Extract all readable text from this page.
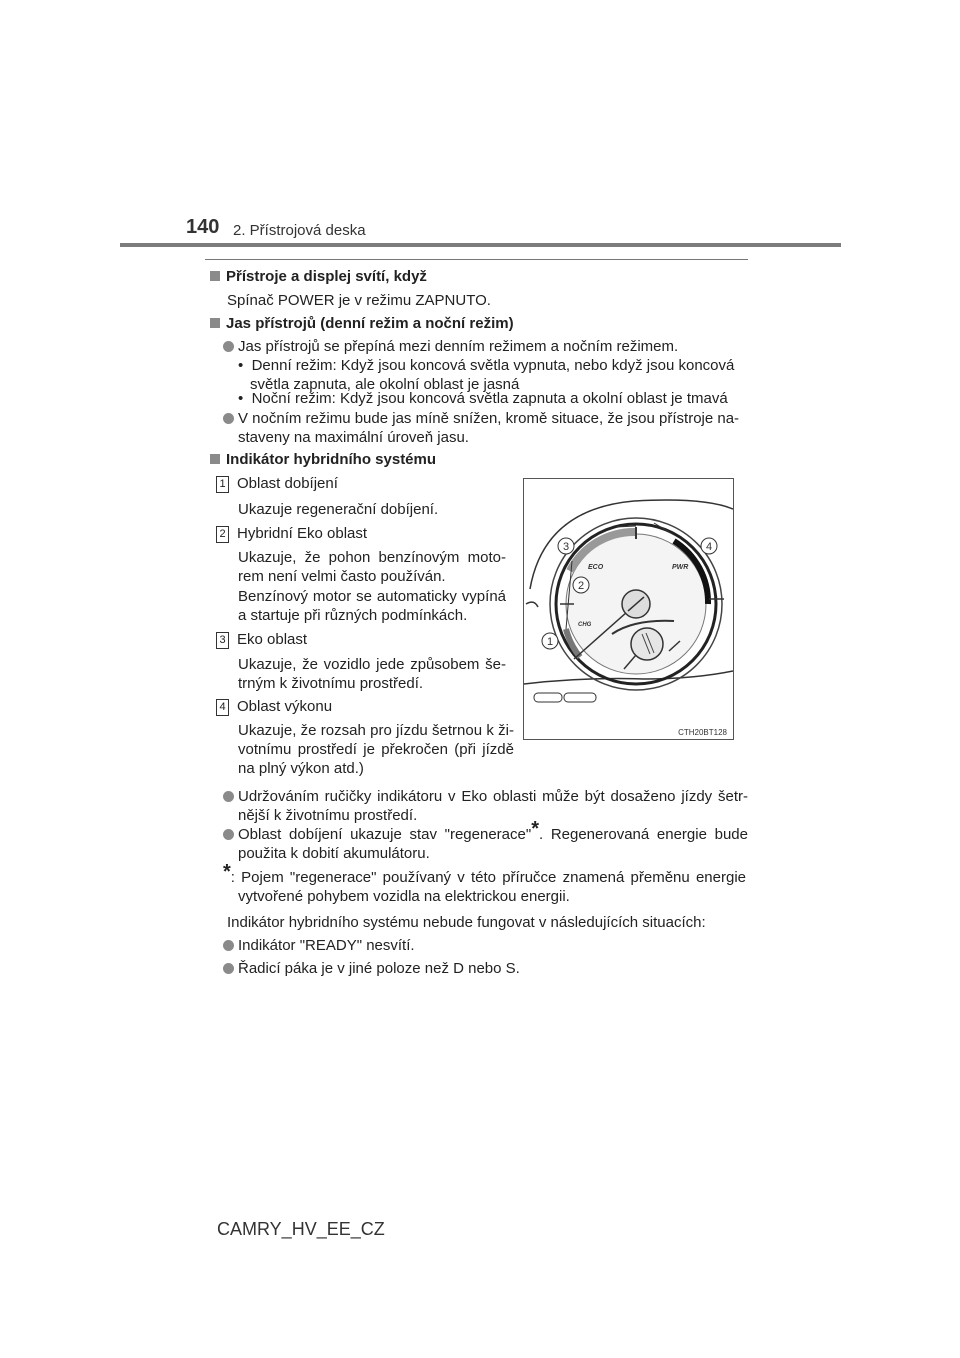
140 2. Přístrojová deska
Přístroje a displej svítí, když
Spínač POWER je v režimu ZAPNUTO.
Jas přístrojů (denní režim a noční režim)
Jas přístrojů se přepíná mezi denním režimem a nočním režimem.
•  Denní režim: Když jsou koncová světla vypnuta, nebo když jsou koncová
světla zapnuta, ale okolní oblast je jasná
•  Noční režim: Když jsou koncová světla zapnuta a okolní oblast je tmavá
V nočním režimu bude jas míně snížen, kromě situace, že jsou přístroje na-
staveny na maximální úroveň jasu.
Indikátor hybridního systému
1 Oblast dobíjení
Ukazuje regenerační dobíjení.
2 Hybridní Eko oblast
Ukazuje, že pohon benzínovým moto-rem není velmi často používán.
Benzínový motor se automaticky vypíná a startuje při různých podmínkách.
3 Eko oblast
Ukazuje, že vozidlo jede způsobem še-trným k životnímu prostředí.
4 Oblast výkonu
Ukazuje, že rozsah pro jízdu šetrnou k ži-votnímu prostředí je překročen (při jízdě na plný výkon atd.)
ECO	PWR
CHG
3	4
2
1
CTH20BT128
Udržováním ručičky indikátoru v Eko oblasti může být dosaženo jízdy šetr-
nější k životnímu prostředí.
Oblast dobíjení ukazuje stav "regenerace"*. Regenerovaná energie bude
použita k dobití akumulátoru.
*: Pojem "regenerace" používaný v této příručce znamená přeměnu energie
vytvořené pohybem vozidla na elektrickou energii.
Indikátor hybridního systému nebude fungovat v následujících situacích:
Indikátor "READY" nesvítí.
Řadicí páka je v jiné poloze než D nebo S.
CAMRY_HV_EE_CZ
